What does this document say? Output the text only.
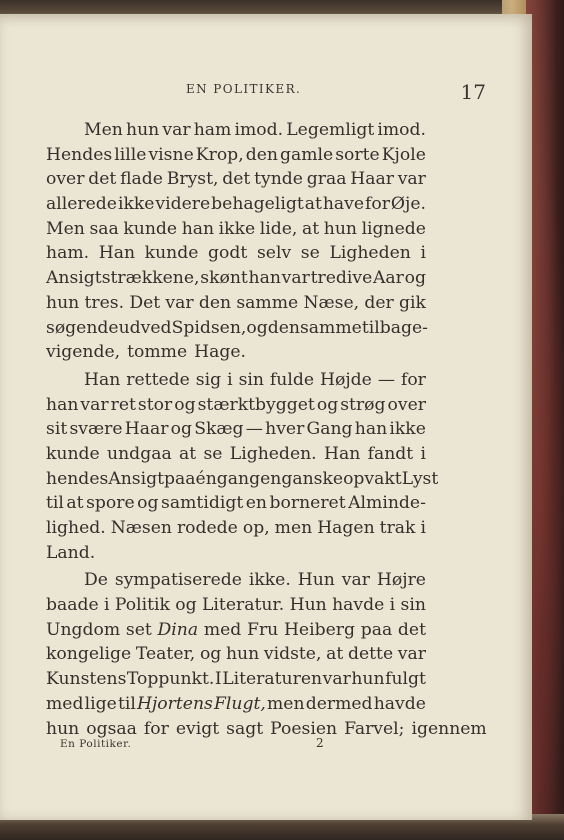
EN POLITIKER.	17
Men hun var ham imod. Legemligt imod.
Hendes lille visne Krop, den gamle sorte Kjole
over det flade Bryst, det tynde graa Haar var
allerede ikke videre behageligt at have for Øje.
Men saa kunde han ikke lide, at hun lignede
ham. Han kunde godt selv se Ligheden i
Ansigtstrækkene, skønt han var tredive Aar og
hun tres. Det var den samme Næse, der gik
søgende ud ved Spidsen, og den samme tilbage-
vigende, tomme Hage.
Han rettede sig i sin fulde Højde — for
han var ret stor og stærktbygget og strøg over
sit svære Haar og Skæg — hver Gang han ikke
kunde undgaa at se Ligheden. Han fandt i
hendes Ansigt paa éngang en ganske opvakt Lyst
til at spore og samtidigt en borneret Alminde-
lighed. Næsen rodede op, men Hagen trak i
Land.
De sympatiserede ikke. Hun var Højre
baade i Politik og Literatur. Hun havde i sin
Ungdom set Dina med Fru Heiberg paa det
kongelige Teater, og hun vidste, at dette var
Kunstens Toppunkt. I Literaturen var hun fulgt
med lige til Hjortens Flugt, men dermed havde
hun ogsaa for evigt sagt Poesien Farvel; igennem
En Politiker.	2
